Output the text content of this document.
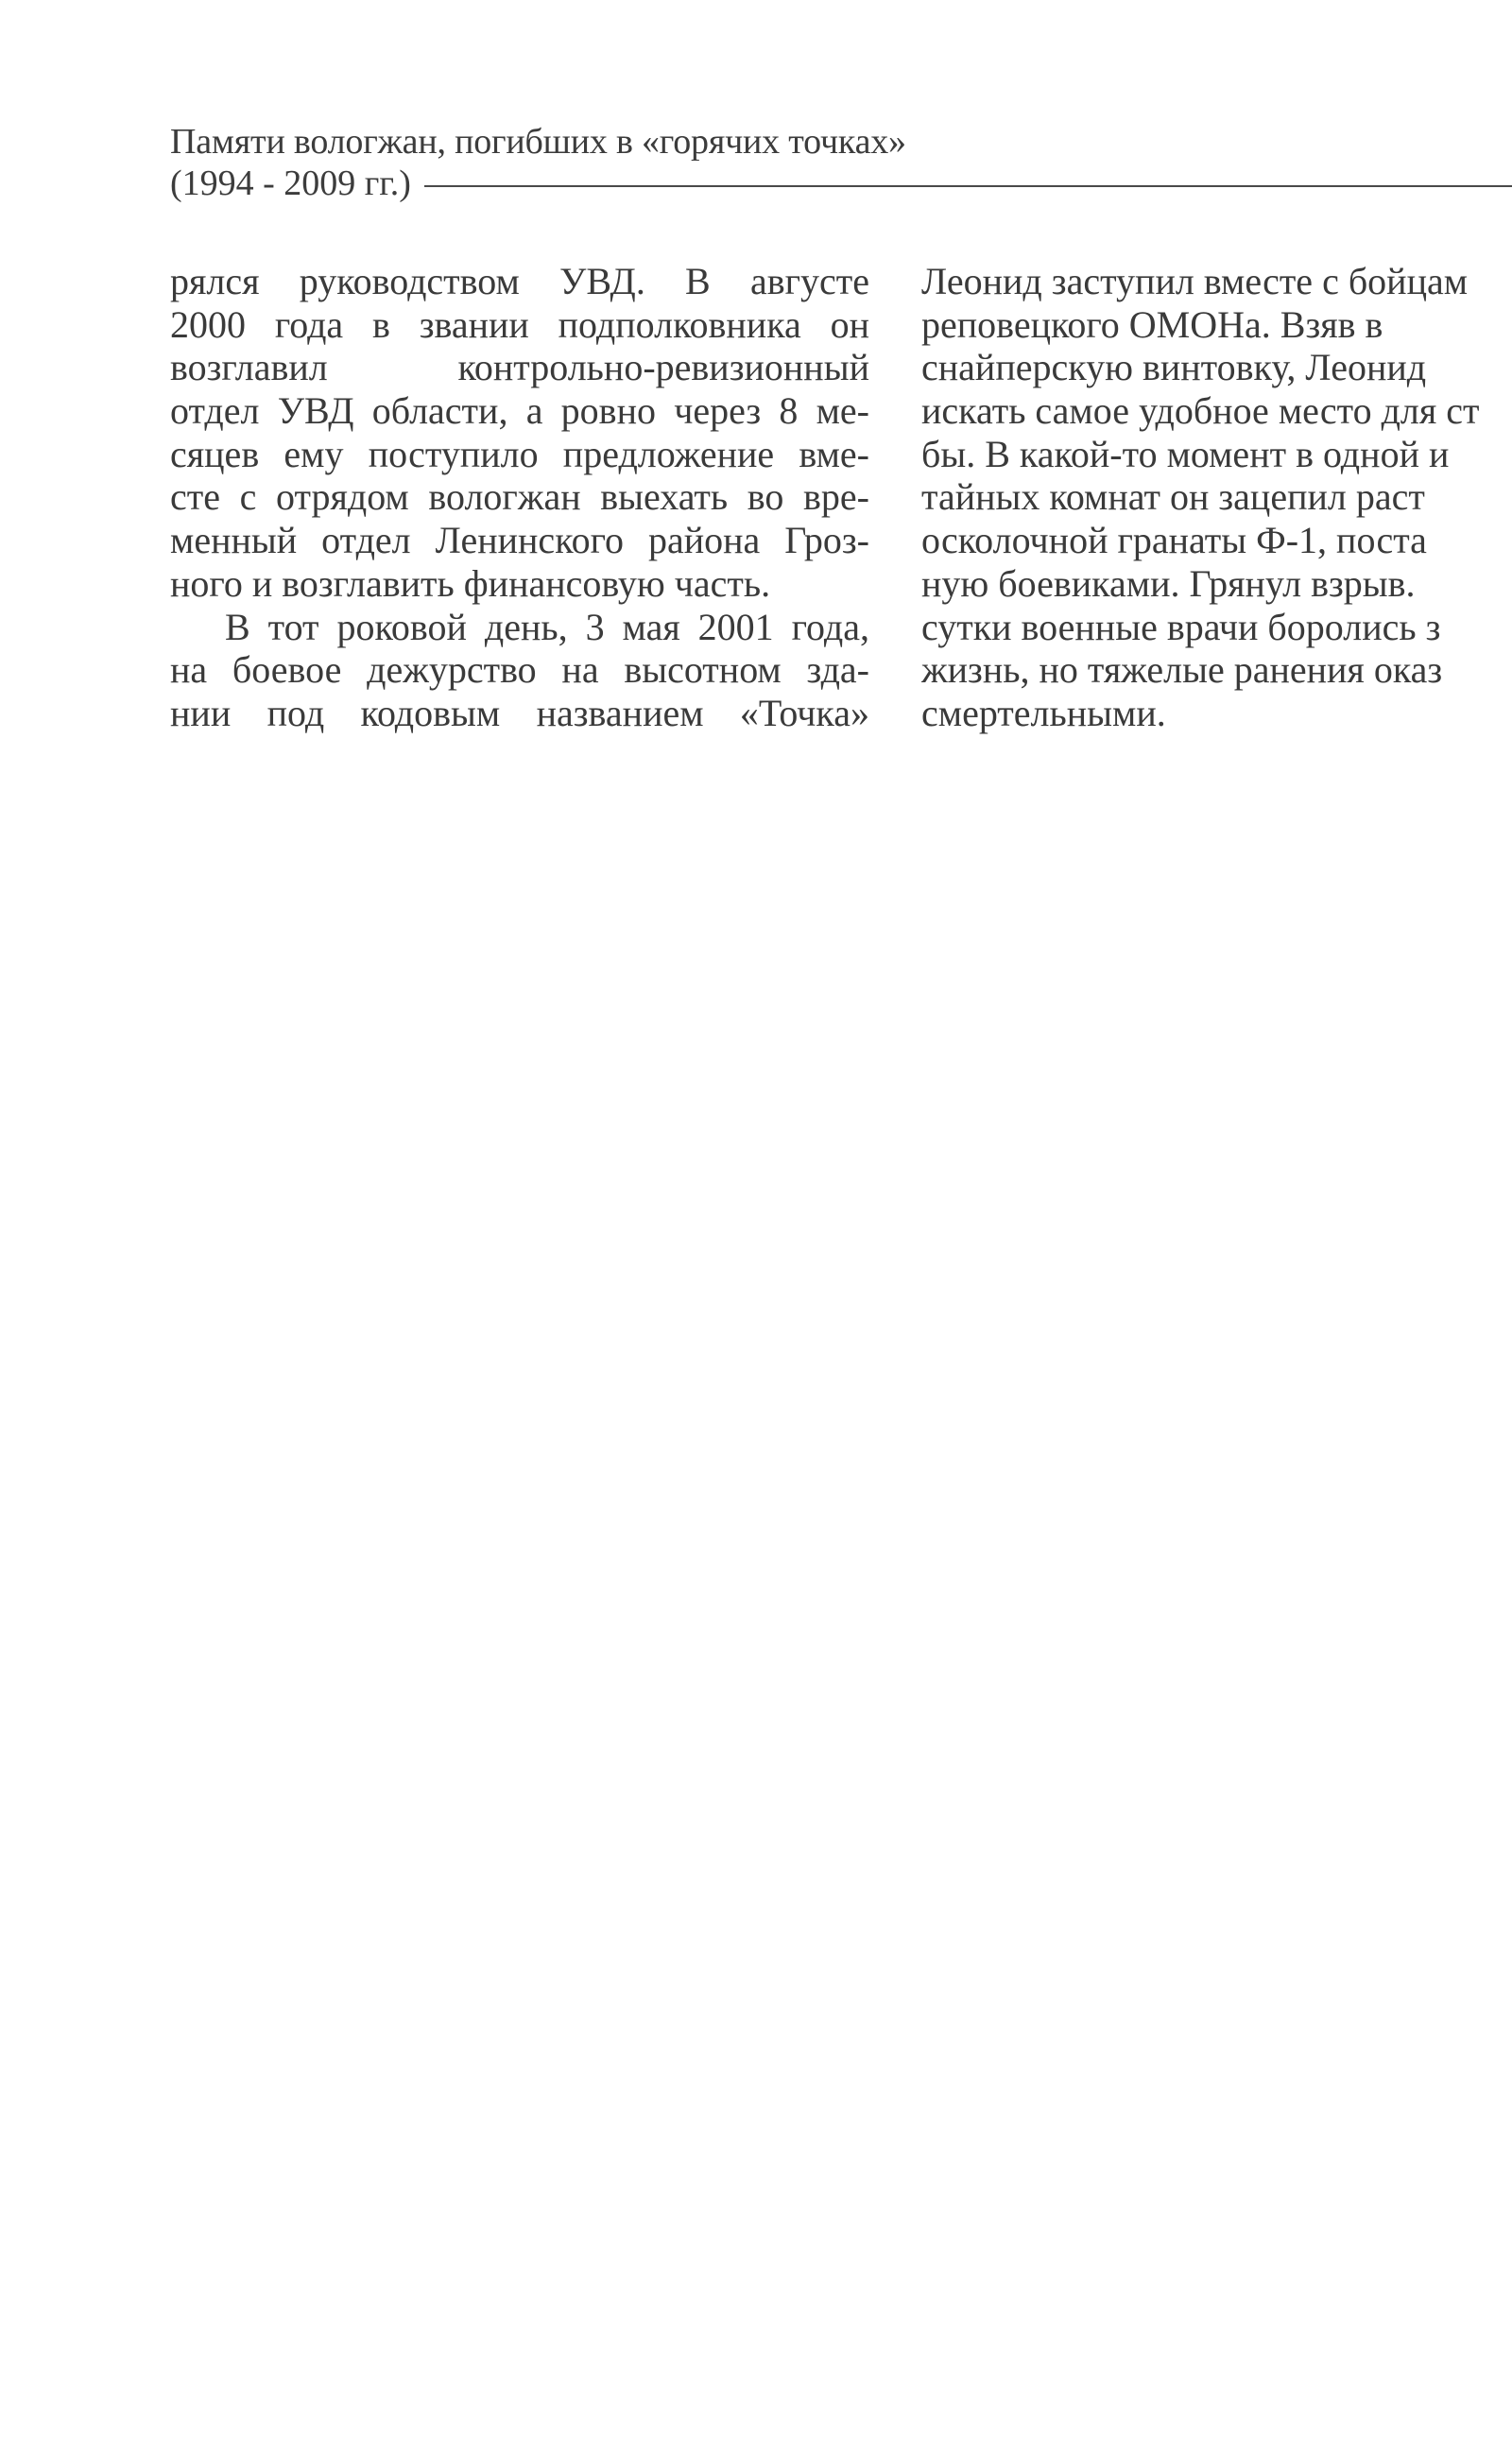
Памяти вологжан, погибших в «горячих точках»
(1994 - 2009 гг.)
рялся руководством УВД. В августе
2000 года в звании подполковника он
возглавил контрольно-ревизионный
отдел УВД области, а ровно через 8 ме-
сяцев ему поступило предложение вме-
сте с отрядом вологжан выехать во вре-
менный отдел Ленинского района Гроз-
ного и возглавить финансовую часть.
В тот роковой день, 3 мая 2001 года,
на боевое дежурство на высотном зда-
нии под кодовым названием «Точка»
Леонид заступил вместе с бойцам
реповецкого ОМОНа. Взяв в
снайперскую винтовку, Леонид
искать самое удобное место для ст
бы. В какой-то момент в одной и
тайных комнат он зацепил раст
осколочной гранаты Ф-1, поста
ную боевиками. Грянул взрыв.
сутки военные врачи боролись з
жизнь, но тяжелые ранения оказ
смертельными.
